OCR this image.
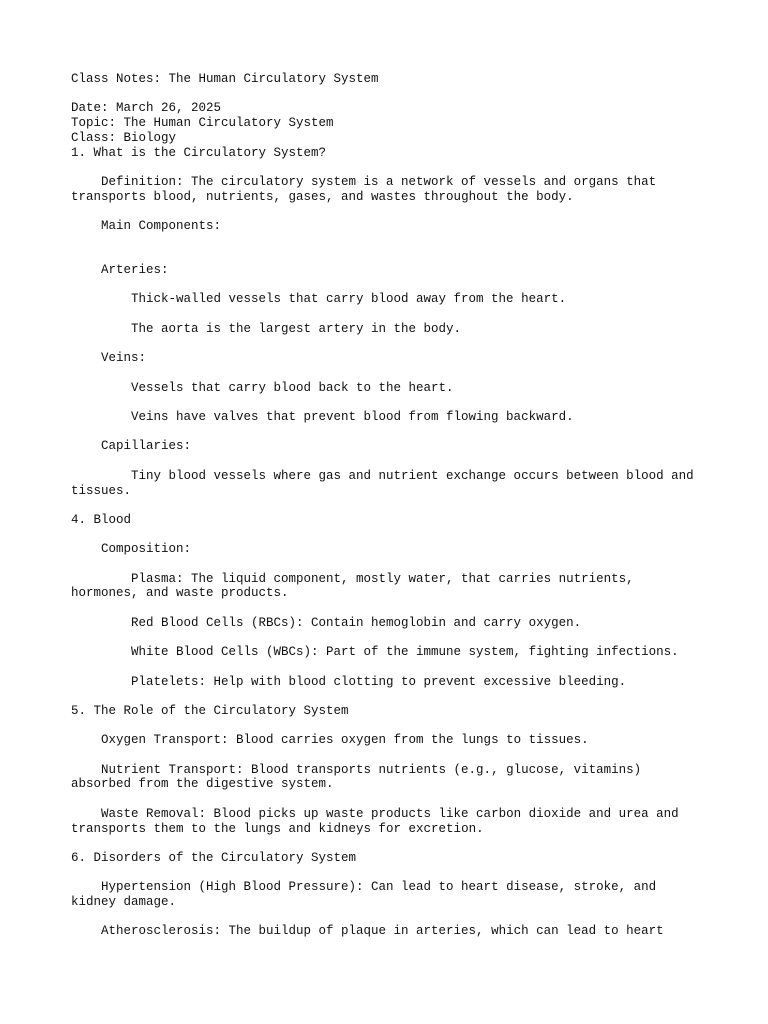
Class Notes: The Human Circulatory System

Date: March 26, 2025

Topic: The Human Circulatory System

Class: Biology

1. What is the Circulatory System?

Definition: The circulatory system is a network of vessels and organs that transports blood, nutrients, gases, and wastes throughout the body.

Main Components:

Arteries:

Thick-walled vessels that carry blood away from the heart.

The aorta is the largest artery in the body.

Veins:

Vessels that carry blood back to the heart.

Veins have valves that prevent blood from flowing backward.

Capillaries:

Tiny blood vessels where gas and nutrient exchange occurs between blood and tissues.

4. Blood

Composition:

Plasma: The liquid component, mostly water, that carries nutrients, hormones, and waste products.

Red Blood Cells (RBCs): Contain hemoglobin and carry oxygen.

White Blood Cells (WBCs): Part of the immune system, fighting infections.

Platelets: Help with blood clotting to prevent excessive bleeding.

5. The Role of the Circulatory System

Oxygen Transport: Blood carries oxygen from the lungs to tissues.

Nutrient Transport: Blood transports nutrients (e.g., glucose, vitamins) absorbed from the digestive system.

Waste Removal: Blood picks up waste products like carbon dioxide and urea and transports them to the lungs and kidneys for excretion.

6. Disorders of the Circulatory System

Hypertension (High Blood Pressure): Can lead to heart disease, stroke, and kidney damage.

Atherosclerosis: The buildup of plaque in arteries, which can lead to heart
